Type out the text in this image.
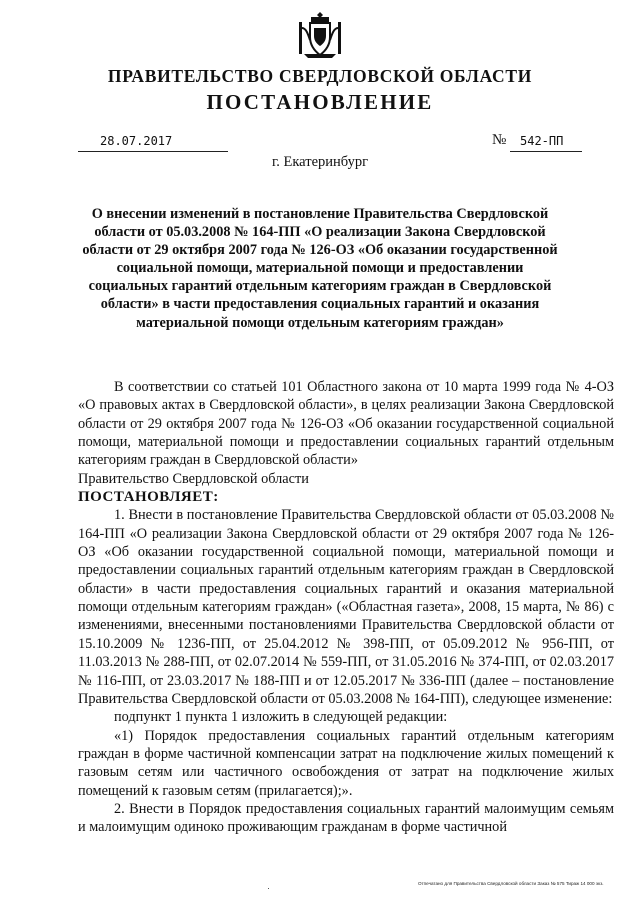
ПРАВИТЕЛЬСТВО СВЕРДЛОВСКОЙ ОБЛАСТИ
ПОСТАНОВЛЕНИЕ
28.07.2017	№ 542-ПП
г. Екатеринбург
О внесении изменений в постановление Правительства Свердловской области от 05.03.2008 № 164-ПП «О реализации Закона Свердловской области от 29 октября 2007 года № 126-ОЗ «Об оказании государственной социальной помощи, материальной помощи и предоставлении социальных гарантий отдельным категориям граждан в Свердловской области» в части предоставления социальных гарантий и оказания материальной помощи отдельным категориям граждан»

В соответствии со статьей 101 Областного закона от 10 марта 1999 года № 4-ОЗ «О правовых актах в Свердловской области», в целях реализации Закона Свердловской области от 29 октября 2007 года № 126-ОЗ «Об оказании государственной социальной помощи, материальной помощи и предоставлении социальных гарантий отдельным категориям граждан в Свердловской области»

Правительство Свердловской области

ПОСТАНОВЛЯЕТ:

1. Внести в постановление Правительства Свердловской области от 05.03.2008 № 164-ПП «О реализации Закона Свердловской области от 29 октября 2007 года № 126-ОЗ «Об оказании государственной социальной помощи, материальной помощи и предоставлении социальных гарантий отдельным категориям граждан в Свердловской области» в части предоставления социальных гарантий и оказания материальной помощи отдельным категориям граждан» («Областная газета», 2008, 15 марта, № 86) с изменениями, внесенными постановлениями Правительства Свердловской области от 15.10.2009 № 1236-ПП, от 25.04.2012 № 398-ПП, от 05.09.2012 № 956-ПП, от 11.03.2013 № 288-ПП, от 02.07.2014 № 559-ПП, от 31.05.2016 № 374-ПП, от 02.03.2017 № 116-ПП, от 23.03.2017 № 188-ПП и от 12.05.2017 № 336-ПП (далее – постановление Правительства Свердловской области от 05.03.2008 № 164-ПП), следующее изменение:

подпункт 1 пункта 1 изложить в следующей редакции:

«1) Порядок предоставления социальных гарантий отдельным категориям граждан в форме частичной компенсации затрат на подключение жилых помещений к газовым сетям или частичного освобождения от затрат на подключение жилых помещений к газовым сетям (прилагается);».

2. Внести в Порядок предоставления социальных гарантий малоимущим семьям и малоимущим одиноко проживающим гражданам в форме частичной

Отпечатано для Правительства Свердловской области Заказ № 575 Тираж 14 000 экз.
